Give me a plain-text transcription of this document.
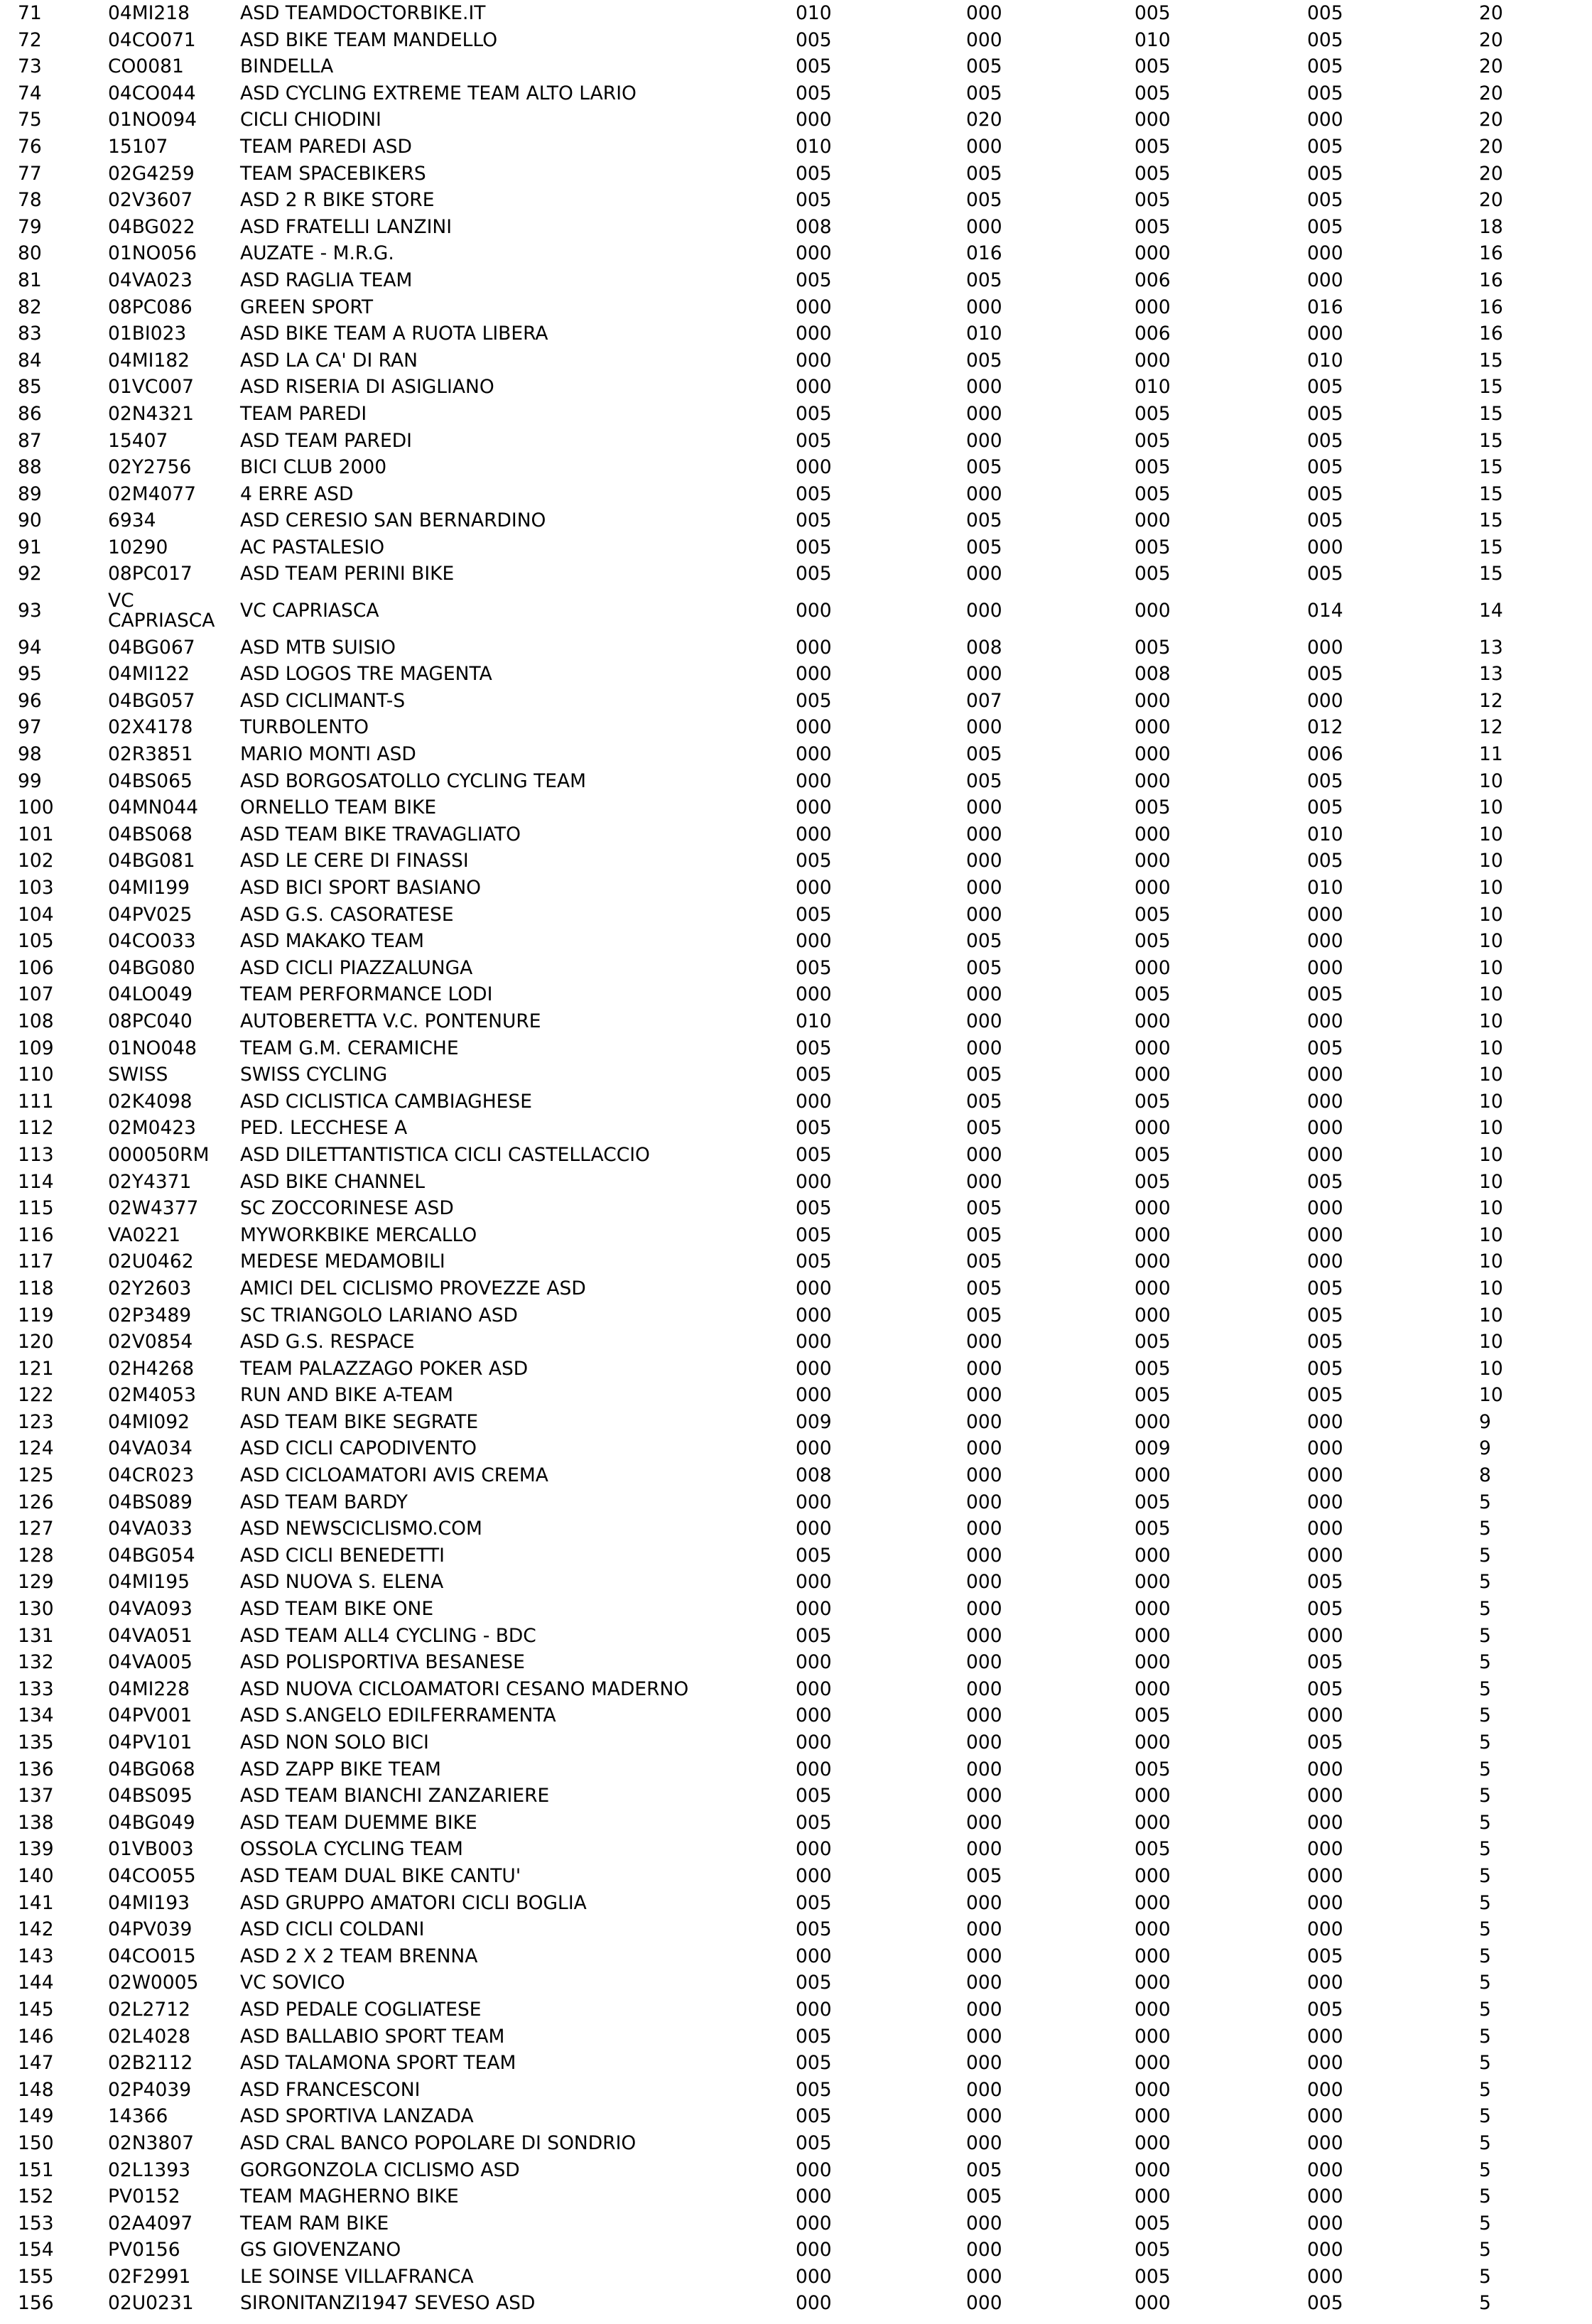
71	04MI218	ASD TEAMDOCTORBIKE.IT	010	000	005	005	20
72	04CO071	ASD BIKE TEAM MANDELLO	005	000	010	005	20
73	CO0081	BINDELLA	005	005	005	005	20
74	04CO044	ASD CYCLING EXTREME TEAM ALTO LARIO	005	005	005	005	20
75	01NO094	CICLI CHIODINI	000	020	000	000	20
76	15107	TEAM PAREDI ASD	010	000	005	005	20
77	02G4259	TEAM SPACEBIKERS	005	005	005	005	20
78	02V3607	ASD 2 R BIKE STORE	005	005	005	005	20
79	04BG022	ASD FRATELLI LANZINI	008	000	005	005	18
80	01NO056	AUZATE - M.R.G.	000	016	000	000	16
81	04VA023	ASD RAGLIA TEAM	005	005	006	000	16
82	08PC086	GREEN SPORT	000	000	000	016	16
83	01BI023	ASD BIKE TEAM A RUOTA LIBERA	000	010	006	000	16
84	04MI182	ASD LA CA' DI RAN	000	005	000	010	15
85	01VC007	ASD RISERIA DI ASIGLIANO	000	000	010	005	15
86	02N4321	TEAM PAREDI	005	000	005	005	15
87	15407	ASD TEAM PAREDI	005	000	005	005	15
88	02Y2756	BICI CLUB 2000	000	005	005	005	15
89	02M4077	4 ERRE ASD	005	000	005	005	15
90	6934	ASD CERESIO SAN BERNARDINO	005	005	000	005	15
91	10290	AC PASTALESIO	005	005	005	000	15
92	08PC017	ASD TEAM PERINI BIKE	005	000	005	005	15
93	VC CAPRIASCA	VC CAPRIASCA	000	000	000	014	14
94	04BG067	ASD MTB SUISIO	000	008	005	000	13
95	04MI122	ASD LOGOS TRE MAGENTA	000	000	008	005	13
96	04BG057	ASD CICLIMANT-S	005	007	000	000	12
97	02X4178	TURBOLENTO	000	000	000	012	12
98	02R3851	MARIO MONTI ASD	000	005	000	006	11
99	04BS065	ASD BORGOSATOLLO CYCLING TEAM	000	005	000	005	10
100	04MN044	ORNELLO TEAM BIKE	000	000	005	005	10
101	04BS068	ASD TEAM BIKE TRAVAGLIATO	000	000	000	010	10
102	04BG081	ASD LE CERE DI FINASSI	005	000	000	005	10
103	04MI199	ASD BICI SPORT BASIANO	000	000	000	010	10
104	04PV025	ASD G.S. CASORATESE	005	000	005	000	10
105	04CO033	ASD MAKAKO TEAM	000	005	005	000	10
106	04BG080	ASD CICLI PIAZZALUNGA	005	005	000	000	10
107	04LO049	TEAM PERFORMANCE LODI	000	000	005	005	10
108	08PC040	AUTOBERETTA V.C. PONTENURE	010	000	000	000	10
109	01NO048	TEAM G.M. CERAMICHE	005	000	000	005	10
110	SWISS	SWISS CYCLING	005	005	000	000	10
111	02K4098	ASD CICLISTICA CAMBIAGHESE	000	005	005	000	10
112	02M0423	PED. LECCHESE A	005	005	000	000	10
113	000050RM	ASD DILETTANTISTICA CICLI CASTELLACCIO	005	000	005	000	10
114	02Y4371	ASD BIKE CHANNEL	000	000	005	005	10
115	02W4377	SC ZOCCORINESE ASD	005	005	000	000	10
116	VA0221	MYWORKBIKE MERCALLO	005	005	000	000	10
117	02U0462	MEDESE MEDAMOBILI	005	005	000	000	10
118	02Y2603	AMICI DEL CICLISMO PROVEZZE ASD	000	005	000	005	10
119	02P3489	SC TRIANGOLO LARIANO ASD	000	005	000	005	10
120	02V0854	ASD G.S. RESPACE	000	000	005	005	10
121	02H4268	TEAM PALAZZAGO POKER ASD	000	000	005	005	10
122	02M4053	RUN AND BIKE A-TEAM	000	000	005	005	10
123	04MI092	ASD TEAM BIKE SEGRATE	009	000	000	000	9
124	04VA034	ASD CICLI CAPODIVENTO	000	000	009	000	9
125	04CR023	ASD CICLOAMATORI AVIS CREMA	008	000	000	000	8
126	04BS089	ASD TEAM BARDY	000	000	005	000	5
127	04VA033	ASD NEWSCICLISMO.COM	000	000	005	000	5
128	04BG054	ASD CICLI BENEDETTI	005	000	000	000	5
129	04MI195	ASD NUOVA S. ELENA	000	000	000	005	5
130	04VA093	ASD TEAM BIKE ONE	000	000	000	005	5
131	04VA051	ASD TEAM ALL4 CYCLING - BDC	005	000	000	000	5
132	04VA005	ASD POLISPORTIVA BESANESE	000	000	000	005	5
133	04MI228	ASD NUOVA CICLOAMATORI CESANO MADERNO	000	000	000	005	5
134	04PV001	ASD S.ANGELO EDILFERRAMENTA	000	000	005	000	5
135	04PV101	ASD NON SOLO BICI	000	000	000	005	5
136	04BG068	ASD ZAPP BIKE TEAM	000	000	005	000	5
137	04BS095	ASD TEAM BIANCHI ZANZARIERE	005	000	000	000	5
138	04BG049	ASD TEAM DUEMME BIKE	005	000	000	000	5
139	01VB003	OSSOLA CYCLING TEAM	000	000	005	000	5
140	04CO055	ASD TEAM DUAL BIKE CANTU'	000	005	000	000	5
141	04MI193	ASD GRUPPO AMATORI CICLI BOGLIA	005	000	000	000	5
142	04PV039	ASD CICLI COLDANI	005	000	000	000	5
143	04CO015	ASD 2 X 2 TEAM BRENNA	000	000	000	005	5
144	02W0005	VC SOVICO	005	000	000	000	5
145	02L2712	ASD PEDALE COGLIATESE	000	000	000	005	5
146	02L4028	ASD BALLABIO SPORT TEAM	005	000	000	000	5
147	02B2112	ASD TALAMONA SPORT TEAM	005	000	000	000	5
148	02P4039	ASD FRANCESCONI	005	000	000	000	5
149	14366	ASD SPORTIVA LANZADA	005	000	000	000	5
150	02N3807	ASD CRAL BANCO POPOLARE DI SONDRIO	005	000	000	000	5
151	02L1393	GORGONZOLA CICLISMO ASD	000	005	000	000	5
152	PV0152	TEAM MAGHERNO BIKE	000	005	000	000	5
153	02A4097	TEAM RAM BIKE	000	000	005	000	5
154	PV0156	GS GIOVENZANO	000	000	005	000	5
155	02F2991	LE SOINSE VILLAFRANCA	000	000	005	000	5
156	02U0231	SIRONITANZI1947 SEVESO ASD	000	000	000	005	5
